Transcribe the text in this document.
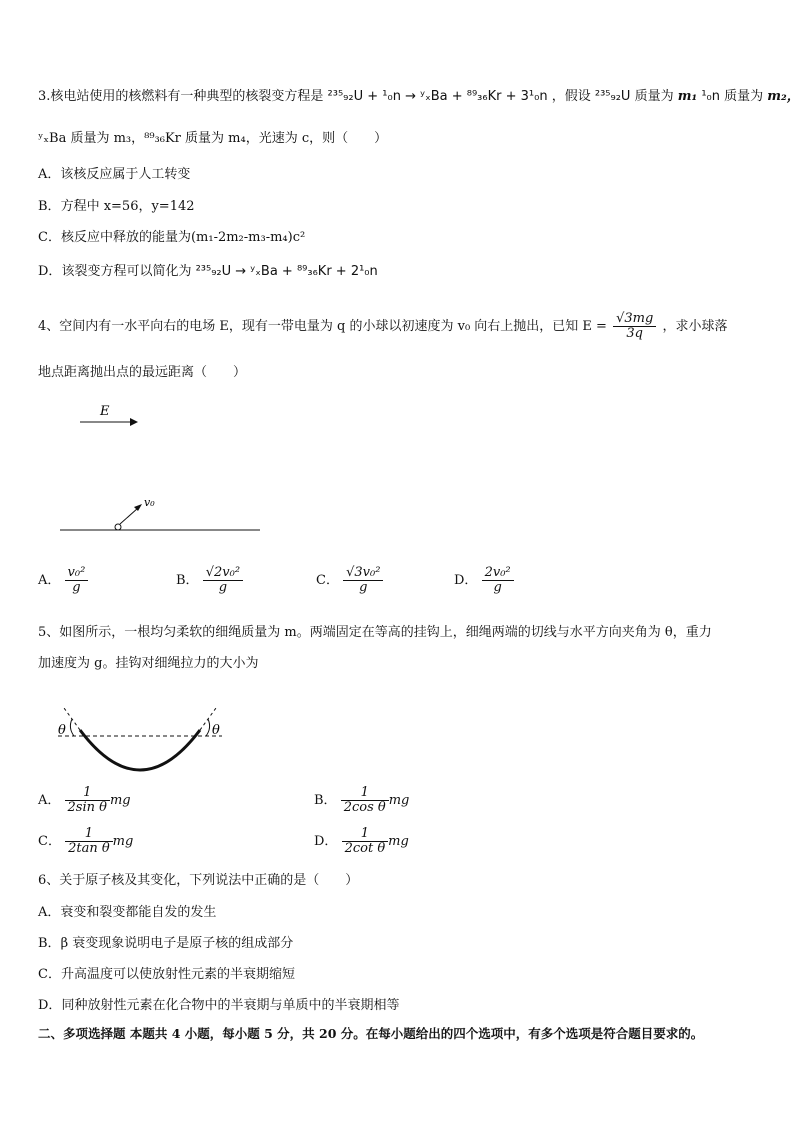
3.核电站使用的核燃料有一种典型的核裂变方程是 ²³⁵₉₂U + ¹₀n → ʸₓBa + ⁸⁹₃₆Kr + 3¹₀n ，假设 ²³⁵₉₂U 质量为 m₁ ¹₀n 质量为 m₂，
ʸₓBa 质量为 m₃，⁸⁹₃₆Kr 质量为 m₄，光速为 c，则（　　）
A．该核反应属于人工转变
B．方程中 x=56，y=142
C．核反应中释放的能量为(m₁-2m₂-m₃-m₄)c²
D．该裂变方程可以简化为 ²³⁵₉₂U → ʸₓBa + ⁸⁹₃₆Kr + 2¹₀n
4、空间内有一水平向右的电场 E，现有一带电量为 q 的小球以初速度为 v₀ 向右上抛出，已知 $E = \frac{√3mg}{3q}$ ，求小球落
地点距离抛出点的最远距离（　　）
E
v₀
A． $\frac{\text{v₀²}}{g}$	B． $\frac{\text{√2v₀²}}{g}$	C． $\frac{\text{√3v₀²}}{g}$	D． $\frac{\text{2v₀²}}{g}$
5、如图所示，一根均匀柔软的细绳质量为 m。两端固定在等高的挂钩上，细绳两端的切线与水平方向夹角为 θ，重力
加速度为 g。挂钩对细绳拉力的大小为
θ	θ
A． $\frac{1}{\text{2sin θ}}$ mg	B． $\frac{1}{\text{2cos θ}}$ mg
C． $\frac{1}{\text{2tan θ}}$ mg	D． $\frac{1}{\text{2cot θ}}$ mg
6、关于原子核及其变化，下列说法中正确的是（　　）
A．衰变和裂变都能自发的发生
B．β 衰变现象说明电子是原子核的组成部分
C．升高温度可以使放射性元素的半衰期缩短
D．同种放射性元素在化合物中的半衰期与单质中的半衰期相等
二、多项选择题 本题共 4 小题，每小题 5 分，共 20 分。在每小题给出的四个选项中，有多个选项是符合题目要求的。
